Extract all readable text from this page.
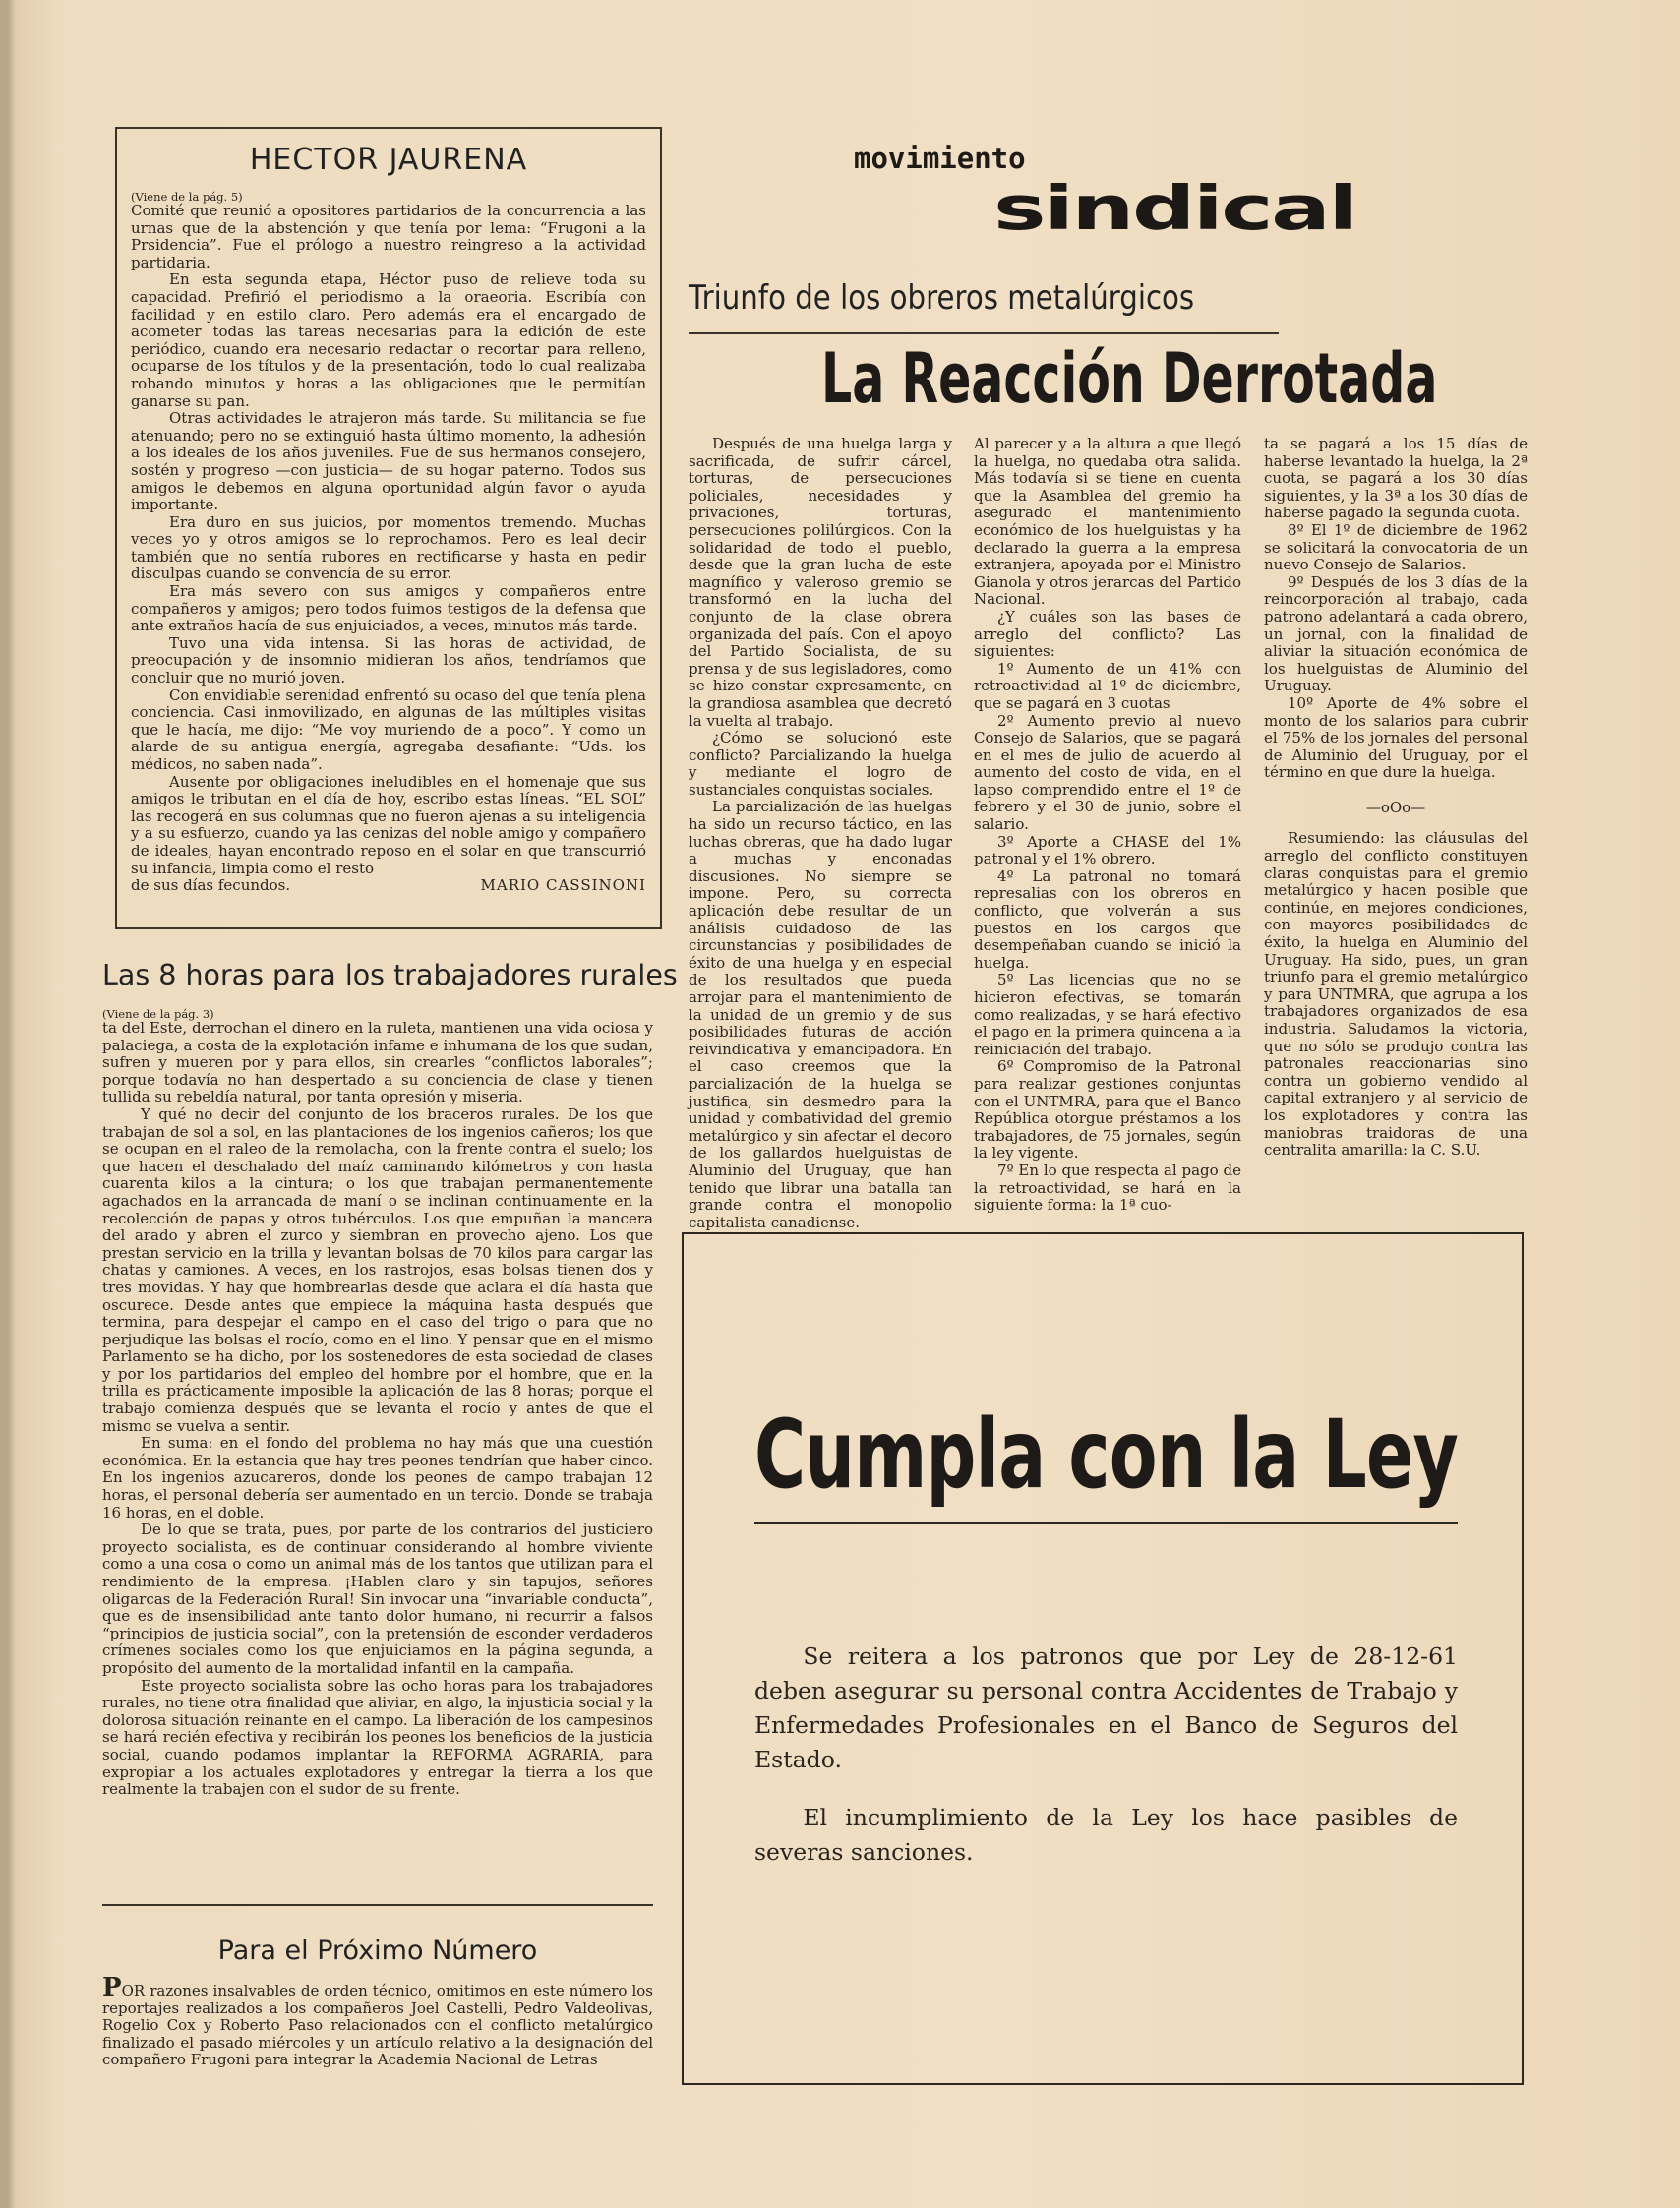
HECTOR JAURENA
(Viene de la pág. 5)

Comité que reunió a opositores partidarios de la concurrencia a las urnas que de la abstención y que tenía por lema: “Frugoni a la Prsidencia”. Fue el prólogo a nuestro reingreso a la actividad partidaria.

En esta segunda etapa, Héctor puso de relieve toda su capacidad. Prefirió el periodismo a la oraeoria. Escribía con facilidad y en estilo claro. Pero además era el encargado de acometer todas las tareas necesarias para la edición de este periódico, cuando era necesario redactar o recortar para relleno, ocuparse de los títulos y de la presentación, todo lo cual realizaba robando minutos y horas a las obligaciones que le permitían ganarse su pan.

Otras actividades le atrajeron más tarde. Su militancia se fue atenuando; pero no se extinguió hasta último momento, la adhesión a los ideales de los años juveniles. Fue de sus hermanos consejero, sostén y progreso —con justicia— de su hogar paterno. Todos sus amigos le debemos en alguna oportunidad algún favor o ayuda importante.

Era duro en sus juicios, por momentos tremendo. Muchas veces yo y otros amigos se lo reprochamos. Pero es leal decir también que no sentía rubores en rectificarse y hasta en pedir disculpas cuando se convencía de su error.

Era más severo con sus amigos y compañeros entre compañeros y amigos; pero todos fuimos testigos de la defensa que ante extraños hacía de sus enjuiciados, a veces, minutos más tarde.

Tuvo una vida intensa. Si las horas de actividad, de preocupación y de insomnio midieran los años, tendríamos que concluir que no murió joven.

Con envidiable serenidad enfrentó su ocaso del que tenía plena conciencia. Casi inmovilizado, en algunas de las múltiples visitas que le hacía, me dijo: “Me voy muriendo de a poco”. Y como un alarde de su antigua energía, agregaba desafiante: “Uds. los médicos, no saben nada”.

Ausente por obligaciones ineludibles en el homenaje que sus amigos le tributan en el día de hoy, escribo estas líneas. “EL SOL” las recogerá en sus columnas que no fueron ajenas a su inteligencia y a su esfuerzo, cuando ya las cenizas del noble amigo y compañero de ideales, hayan encontrado reposo en el solar en que transcurrió su infancia, limpia como el resto

de sus días fecundos.	MARIO CASSINONI
Las 8 horas para los trabajadores rurales
(Viene de la pág. 3)

ta del Este, derrochan el dinero en la ruleta, mantienen una vida ociosa y palaciega, a costa de la explotación infame e inhumana de los que sudan, sufren y mueren por y para ellos, sin crearles “conflictos laborales”; porque todavía no han despertado a su conciencia de clase y tienen tullida su rebeldía natural, por tanta opresión y miseria.

Y qué no decir del conjunto de los braceros rurales. De los que trabajan de sol a sol, en las plantaciones de los ingenios cañeros; los que se ocupan en el raleo de la remolacha, con la frente contra el suelo; los que hacen el deschalado del maíz caminando kilómetros y con hasta cuarenta kilos a la cintura; o los que trabajan permanentemente agachados en la arrancada de maní o se inclinan continuamente en la recolección de papas y otros tubérculos. Los que empuñan la mancera del arado y abren el zurco y siembran en provecho ajeno. Los que prestan servicio en la trilla y levantan bolsas de 70 kilos para cargar las chatas y camiones. A veces, en los rastrojos, esas bolsas tienen dos y tres movidas. Y hay que hombrearlas desde que aclara el día hasta que oscurece. Desde antes que empiece la máquina hasta después que termina, para despejar el campo en el caso del trigo o para que no perjudique las bolsas el rocío, como en el lino. Y pensar que en el mismo Parlamento se ha dicho, por los sostenedores de esta sociedad de clases y por los partidarios del empleo del hombre por el hombre, que en la trilla es prácticamente imposible la aplicación de las 8 horas; porque el trabajo comienza después que se levanta el rocío y antes de que el mismo se vuelva a sentir.

En suma: en el fondo del problema no hay más que una cuestión económica. En la estancia que hay tres peones tendrían que haber cinco. En los ingenios azucareros, donde los peones de campo trabajan 12 horas, el personal debería ser aumentado en un tercio. Donde se trabaja 16 horas, en el doble.

De lo que se trata, pues, por parte de los contrarios del justiciero proyecto socialista, es de continuar considerando al hombre viviente como a una cosa o como un animal más de los tantos que utilizan para el rendimiento de la empresa. ¡Hablen claro y sin tapujos, señores oligarcas de la Federación Rural! Sin invocar una “invariable conducta”, que es de insensibilidad ante tanto dolor humano, ni recurrir a falsos “principios de justicia social”, con la pretensión de esconder verdaderos crímenes sociales como los que enjuiciamos en la página segunda, a propósito del aumento de la mortalidad infantil en la campaña.

Este proyecto socialista sobre las ocho horas para los trabajadores rurales, no tiene otra finalidad que aliviar, en algo, la injusticia social y la dolorosa situación reinante en el campo. La liberación de los campesinos se hará recién efectiva y recibirán los peones los beneficios de la justicia social, cuando podamos implantar la REFORMA AGRARIA, para expropiar a los actuales explotadores y entregar la tierra a los que realmente la trabajen con el sudor de su frente.

Para el Próximo Número

POR razones insalvables de orden técnico, omitimos en este número los reportajes realizados a los compañeros Joel Castelli, Pedro Valdeolivas, Rogelio Cox y Roberto Paso relacionados con el conflicto metalúrgico finalizado el pasado miércoles y un artículo relativo a la designación del compañero Frugoni para integrar la Academia Nacional de Letras

movimiento
sindical
Triunfo de los obreros metalúrgicos
La Reacción Derrotada

Después de una huelga larga y sacrificada, de sufrir cárcel, torturas, de persecuciones policiales, necesidades y privaciones, torturas, persecuciones polilúrgicos. Con la solidaridad de todo el pueblo, desde que la gran lucha de este magnífico y valeroso gremio se transformó en la lucha del conjunto de la clase obrera organizada del país. Con el apoyo del Partido Socialista, de su prensa y de sus legisladores, como se hizo constar expresamente, en la grandiosa asamblea que decretó la vuelta al trabajo.

¿Cómo se solucionó este conflicto? Parcializando la huelga y mediante el logro de sustanciales conquistas sociales.

La parcialización de las huelgas ha sido un recurso táctico, en las luchas obreras, que ha dado lugar a muchas y enconadas discusiones. No siempre se impone. Pero, su correcta aplicación debe resultar de un análisis cuidadoso de las circunstancias y posibilidades de éxito de una huelga y en especial de los resultados que pueda arrojar para el mantenimiento de la unidad de un gremio y de sus posibilidades futuras de acción reivindicativa y emancipadora. En el caso creemos que la parcialización de la huelga se justifica, sin desmedro para la unidad y combatividad del gremio metalúrgico y sin afectar el decoro de los gallardos huelguistas de Aluminio del Uruguay, que han tenido que librar una batalla tan grande contra el monopolio capitalista canadiense.

Al parecer y a la altura a que llegó la huelga, no quedaba otra salida. Más todavía si se tiene en cuenta que la Asamblea del gremio ha asegurado el mantenimiento económico de los huelguistas y ha declarado la guerra a la empresa extranjera, apoyada por el Ministro Gianola y otros jerarcas del Partido Nacional.

¿Y cuáles son las bases de arreglo del conflicto? Las siguientes:

1º Aumento de un 41% con retroactividad al 1º de diciembre, que se pagará en 3 cuotas

2º Aumento previo al nuevo Consejo de Salarios, que se pagará en el mes de julio de acuerdo al aumento del costo de vida, en el lapso comprendido entre el 1º de febrero y el 30 de junio, sobre el salario.

3º Aporte a CHASE del 1% patronal y el 1% obrero.

4º La patronal no tomará represalias con los obreros en conflicto, que volverán a sus puestos en los cargos que desempeñaban cuando se inició la huelga.

5º Las licencias que no se hicieron efectivas, se tomarán como realizadas, y se hará efectivo el pago en la primera quincena a la reiniciación del trabajo.

6º Compromiso de la Patronal para realizar gestiones conjuntas con el UNTMRA, para que el Banco República otorgue préstamos a los trabajadores, de 75 jornales, según la ley vigente.

7º En lo que respecta al pago de la retroactividad, se hará en la siguiente forma: la 1ª cuo-

ta se pagará a los 15 días de haberse levantado la huelga, la 2ª cuota, se pagará a los 30 días siguientes, y la 3ª a los 30 días de haberse pagado la segunda cuota.

8º El 1º de diciembre de 1962 se solicitará la convocatoria de un nuevo Consejo de Salarios.

9º Después de los 3 días de la reincorporación al trabajo, cada patrono adelantará a cada obrero, un jornal, con la finalidad de aliviar la situación económica de los huelguistas de Aluminio del Uruguay.

10º Aporte de 4% sobre el monto de los salarios para cubrir el 75% de los jornales del personal de Aluminio del Uruguay, por el término en que dure la huelga.

—oOo—

Resumiendo: las cláusulas del arreglo del conflicto constituyen claras conquistas para el gremio metalúrgico y hacen posible que continúe, en mejores condiciones, con mayores posibilidades de éxito, la huelga en Aluminio del Uruguay. Ha sido, pues, un gran triunfo para el gremio metalúrgico y para UNTMRA, que agrupa a los trabajadores organizados de esa industria. Saludamos la victoria, que no sólo se produjo contra las patronales reaccionarias sino contra un gobierno vendido al capital extranjero y al servicio de los explotadores y contra las maniobras traidoras de una centralita amarilla: la C. S.U.

Cumpla con la Ley

Se reitera a los patronos que por Ley de 28-12-61 deben asegurar su personal contra Accidentes de Trabajo y Enfermedades Profesionales en el Banco de Seguros del Estado.

El incumplimiento de la Ley los hace pasibles de severas sanciones.
